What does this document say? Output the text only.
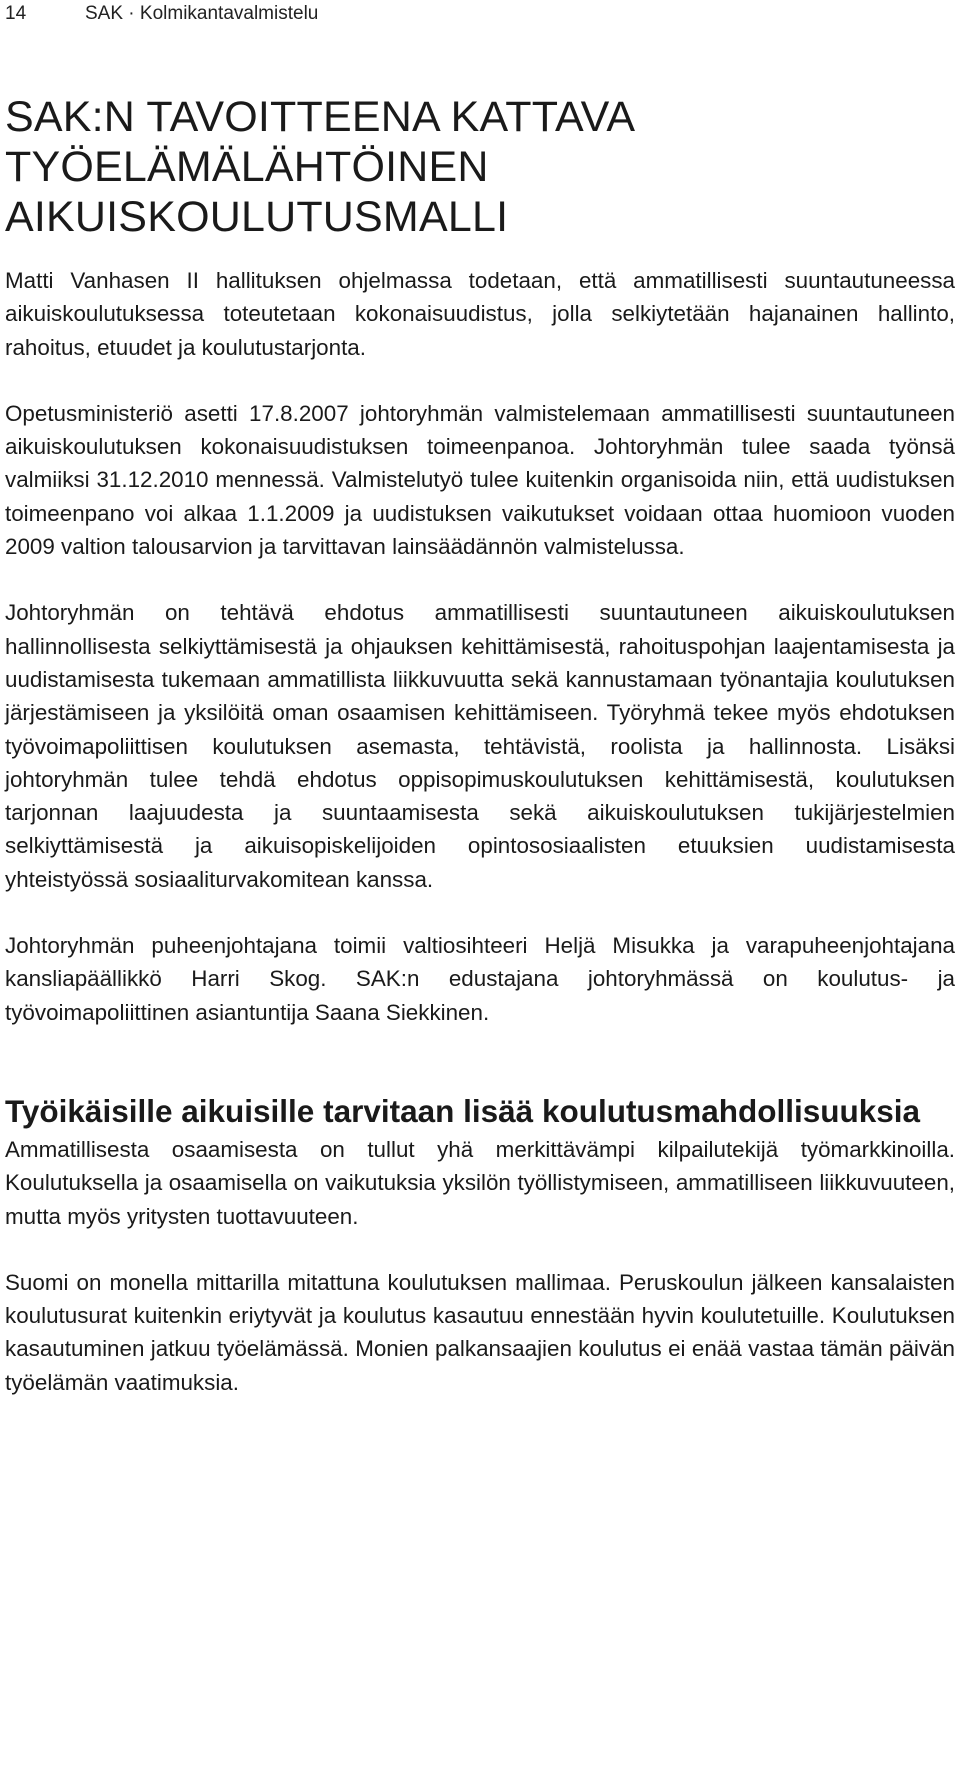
14	SAK · Kolmikantavalmistelu
SAK:N TAVOITTEENA KATTAVA TYÖELÄMÄLÄHTÖINEN AIKUISKOULUTUSMALLI

Matti Vanhasen II hallituksen ohjelmassa todetaan, että ammatillisesti suuntautuneessa aikuiskoulutuksessa toteutetaan kokonaisuudistus, jolla selkiytetään hajanainen hallinto, rahoitus, etuudet ja koulutustarjonta.

Opetusministeriö asetti 17.8.2007 johtoryhmän valmistelemaan ammatillisesti suuntautuneen aikuiskoulutuksen kokonaisuudistuksen toimeenpanoa. Johtoryhmän tulee saada työnsä valmiiksi 31.12.2010 mennessä. Valmistelutyö tulee kuitenkin organisoida niin, että uudistuksen toimeenpano voi alkaa 1.1.2009 ja uudistuksen vaikutukset voidaan ottaa huomioon vuoden 2009 valtion talousarvion ja tarvittavan lainsäädännön valmistelussa.

Johtoryhmän on tehtävä ehdotus ammatillisesti suuntautuneen aikuiskoulutuksen hallinnollisesta selkiyttämisestä ja ohjauksen kehittämisestä, rahoituspohjan laajentamisesta ja uudistamisesta tukemaan ammatillista liikkuvuutta sekä kannustamaan työnantajia koulutuksen järjestämiseen ja yksilöitä oman osaamisen kehittämiseen. Työryhmä tekee myös ehdotuksen työvoimapoliittisen koulutuksen asemasta, tehtävistä, roolista ja hallinnosta. Lisäksi johtoryhmän tulee tehdä ehdotus oppisopimuskoulutuksen kehittämisestä, koulutuksen tarjonnan laajuudesta ja suuntaamisesta sekä aikuiskoulutuksen tukijärjestelmien selkiyttämisestä ja aikuisopiskelijoiden opintososiaalisten etuuksien uudistamisesta yhteistyössä sosiaaliturvakomitean kanssa.

Johtoryhmän puheenjohtajana toimii valtiosihteeri Heljä Misukka ja varapuheenjohtajana kansliapäällikkö Harri Skog. SAK:n edustajana johtoryhmässä on koulutus- ja työvoimapoliittinen asiantuntija Saana Siekkinen.

Työikäisille aikuisille tarvitaan lisää koulutusmahdollisuuksia

Ammatillisesta osaamisesta on tullut yhä merkittävämpi kilpailutekijä työmarkkinoilla. Koulutuksella ja osaamisella on vaikutuksia yksilön työllistymiseen, ammatilliseen liikkuvuuteen, mutta myös yritysten tuottavuuteen.

Suomi on monella mittarilla mitattuna koulutuksen mallimaa. Peruskoulun jälkeen kansalaisten koulutusurat kuitenkin eriytyvät ja koulutus kasautuu ennestään hyvin koulutetuille. Koulutuksen kasautuminen jatkuu työelämässä. Monien palkansaajien koulutus ei enää vastaa tämän päivän työelämän vaatimuksia.
